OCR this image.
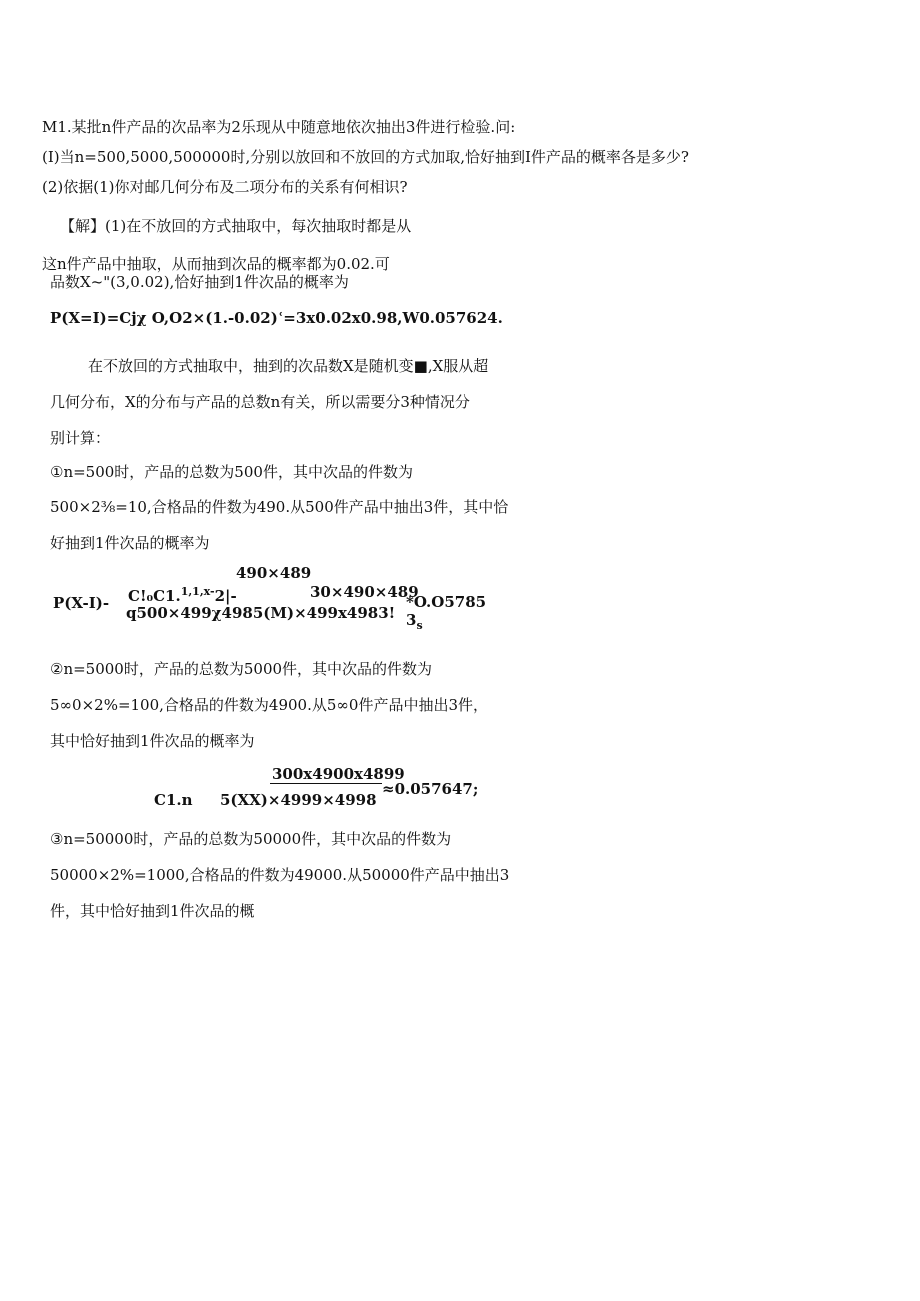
M1.某批n件产品的次品率为2乐现从中随意地依次抽出3件进行检验.问:
(I)当n=500,5000,500000时,分别以放回和不放回的方式加取,恰好抽到I件产品的概率各是多少?
(2)依据(1)你对邮几何分布及二项分布的关系有何相识?
【解】(1)在不放回的方式抽取中，每次抽取时都是从
这n件产品中抽取，从而抽到次品的概率都为0.02.可
品数X~"(3,0.02),恰好抽到1件次品的概率为
P(X=I)=Cjχ O,O2×(1.-0.02)ʿ=3x0.02x0.98,W0.057624.
在不放回的方式抽取中，抽到的次品数X是随机变■,X服从超
几何分布，X的分布与产品的总数n有关，所以需要分3种情况分
别计算：
①n=500时，产品的总数为500件，其中次品的件数为
500×2⅜=10,合格品的件数为490.从500件产品中抽出3件，其中恰
好抽到1件次品的概率为
490×489
P(X-I)- C!₀C1.$^{1,1,x-}$2|-
q500×499χ4985(M)×499x4983!
30×490×489
*O.O5785
$3_s$
②n=5000时，产品的总数为5000件，其中次品的件数为
5∞0×2%=100,合格品的件数为4900.从5∞0件产品中抽出3件，
其中恰好抽到1件次品的概率为
300x4900x4899
C1.n 5(XX)×4999×4998
≈0.057647;
③n=50000时，产品的总数为50000件，其中次品的件数为
50000×2%=1000,合格品的件数为49000.从50000件产品中抽出3
件，其中恰好抽到1件次品的概
